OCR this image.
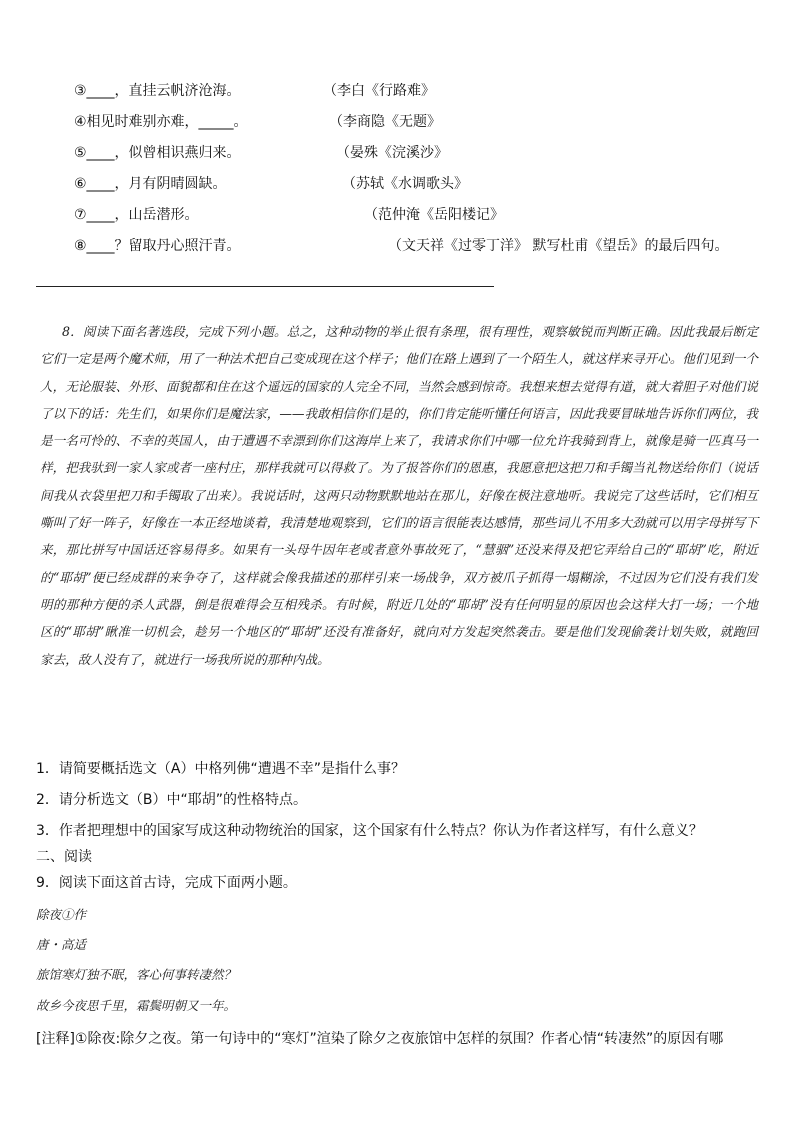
③____，直挂云帆济沧海。	（李白《行路难》
④相见时难别亦难，_____。	（李商隐《无题》
⑤____，似曾相识燕归来。	（晏殊《浣溪沙》
⑥____，月有阴晴圆缺。	（苏轼《水调歌头》
⑦____，山岳潜形。	（范仲淹《岳阳楼记》
⑧____？留取丹心照汗青。	（文天祥《过零丁洋》 默写杜甫《望岳》的最后四句。
8．阅读下面名著选段，完成下列小题。总之，这种动物的举止很有条理，很有理性，观察敏锐而判断正确。因此我最后断定它们一定是两个魔术师，用了一种法术把自己变成现在这个样子；他们在路上遇到了一个陌生人，就这样来寻开心。他们见到一个人，无论服装、外形、面貌都和住在这个遥远的国家的人完全不同，当然会感到惊奇。我想来想去觉得有道，就大着胆子对他们说了以下的话：先生们，如果你们是魔法家，——我敢相信你们是的，你们肯定能听懂任何语言，因此我要冒昧地告诉你们两位，我是一名可怜的、不幸的英国人，由于遭遇不幸漂到你们这海岸上来了，我请求你们中哪一位允许我骑到背上，就像是骑一匹真马一样，把我驮到一家人家或者一座村庄，那样我就可以得救了。为了报答你们的恩惠，我愿意把这把刀和手镯当礼物送给你们（说话间我从衣袋里把刀和手镯取了出来）。我说话时，这两只动物默默地站在那儿，好像在极注意地听。我说完了这些话时，它们相互嘶叫了好一阵子，好像在一本正经地谈着，我清楚地观察到，它们的语言很能表达感情，那些词儿不用多大劲就可以用字母拼写下来，那比拼写中国话还容易得多。如果有一头母牛因年老或者意外事故死了，“慧骃”还没来得及把它弄给自己的“耶胡”吃，附近的“耶胡”便已经成群的来争夺了，这样就会像我描述的那样引来一场战争，双方被爪子抓得一塌糊涂，不过因为它们没有我们发明的那种方便的杀人武器，倒是很难得会互相残杀。有时候，附近几处的“耶胡”没有任何明显的原因也会这样大打一场；一个地区的“耶胡”瞅准一切机会，趁另一个地区的“耶胡”还没有准备好，就向对方发起突然袭击。要是他们发现偷袭计划失败，就跑回家去，敌人没有了，就进行一场我所说的那种内战。
1．请简要概括选文（A）中格列佛“遭遇不幸”是指什么事？
2．请分析选文（B）中“耶胡”的性格特点。
3．作者把理想中的国家写成这种动物统治的国家，这个国家有什么特点？你认为作者这样写，有什么意义？
二、阅读
9．阅读下面这首古诗，完成下面两小题。
除夜①作
唐・高适
旅馆寒灯独不眠，客心何事转凄然？
故乡今夜思千里，霜鬓明朝又一年。
[注释]①除夜:除夕之夜。第一句诗中的“寒灯”渲染了除夕之夜旅馆中怎样的氛围？作者心情“转凄然”的原因有哪
